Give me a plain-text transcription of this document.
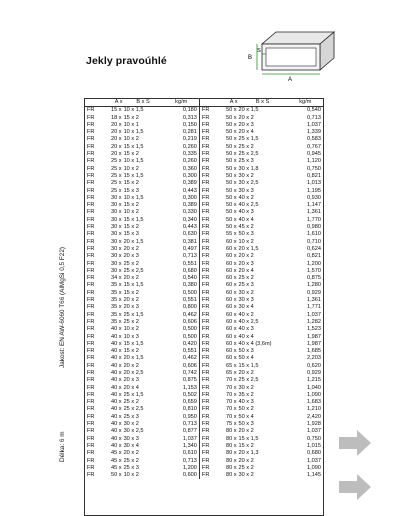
Jekly pravoúhlé
A
B
S
Jakost: EN AW-6060 T66 (AlMgSi 0,5 F22)
Délka: 6 m
	A x	B x S	kg/m		A x	B x S	kg/m
FR	15 x	10 x 1,5	0,180	FR	50 x	20 x 1,5	0,540
FR	18 x	15 x 2	0,313	FR	50 x	20 x 2	0,713
FR	20 x	10 x 1	0,150	FR	50 x	20 x 3	1,037
FR	20 x	10 x 1,5	0,281	FR	50 x	20 x 4	1,339
FR	20 x	10 x 2	0,219	FR	50 x	25 x 1,5	0,583
FR	20 x	15 x 1,5	0,260	FR	50 x	25 x 2	0,767
FR	20 x	15 x 2	0,335	FR	50 x	25 x 2,5	0,945
FR	25 x	10 x 1,5	0,260	FR	50 x	25 x 3	1,120
FR	25 x	10 x 2	0,360	FR	50 x	30 x 1,8	0,750
FR	25 x	15 x 1,5	0,300	FR	50 x	30 x 2	0,821
FR	25 x	15 x 2	0,389	FR	50 x	30 x 2,5	1,013
FR	25 x	15 x 3	0,443	FR	50 x	30 x 3	1,195
FR	30 x	10 x 1,5	0,300	FR	50 x	40 x 2	0,930
FR	30 x	15 x 2	0,389	FR	50 x	40 x 2,5	1,147
FR	30 x	10 x 2	0,330	FR	50 x	40 x 3	1,361
FR	30 x	15 x 1,5	0,340	FR	50 x	40 x 4	1,770
FR	30 x	15 x 2	0,443	FR	50 x	45 x 2	0,980
FR	30 x	15 x 3	0,630	FR	55 x	50 x 3	1,610
FR	30 x	20 x 1,5	0,381	FR	60 x	10 x 2	0,710
FR	30 x	20 x 2	0,497	FR	60 x	20 x 1,5	0,624
FR	30 x	20 x 3	0,713	FR	60 x	20 x 2	0,821
FR	30 x	25 x 2	0,551	FR	60 x	20 x 3	1,200
FR	30 x	25 x 2,5	0,680	FR	60 x	20 x 4	1,570
FR	34 x	20 x 2	0,540	FR	60 x	25 x 2	0,875
FR	35 x	15 x 1,5	0,380	FR	60 x	25 x 3	1,280
FR	35 x	15 x 2	0,500	FR	60 x	30 x 2	0,929
FR	35 x	20 x 2	0,551	FR	60 x	30 x 3	1,361
FR	35 x	20 x 3	0,800	FR	60 x	30 x 4	1,771
FR	35 x	25 x 1,5	0,462	FR	60 x	40 x 2	1,037
FR	35 x	25 x 2	0,606	FR	60 x	40 x 2,5	1,282
FR	40 x	10 x 2	0,500	FR	60 x	40 x 3	1,523
FR	40 x	10 x 3	0,500	FR	60 x	40 x 4	1,987
FR	40 x	15 x 1,5	0,420	FR	60 x	40 x 4 (3,6m)	1,987
FR	40 x	15 x 2	0,551	FR	60 x	50 x 3	1,685
FR	40 x	20 x 1,5	0,462	FR	60 x	50 x 4	2,203
FR	40 x	20 x 2	0,606	FR	65 x	15 x 1,5	0,620
FR	40 x	20 x 2,5	0,742	FR	65 x	20 x 2	0,929
FR	40 x	20 x 3	0,875	FR	70 x	25 x 2,5	1,215
FR	40 x	20 x 4	1,153	FR	70 x	30 x 2	1,040
FR	40 x	25 x 1,5	0,502	FR	70 x	35 x 2	1,090
FR	40 x	25 x 2	0,659	FR	70 x	40 x 3	1,683
FR	40 x	25 x 2,5	0,810	FR	70 x	50 x 2	1,210
FR	40 x	25 x 3	0,950	FR	70 x	50 x 4	2,420
FR	40 x	30 x 2	0,713	FR	75 x	50 x 3	1,928
FR	40 x	30 x 2,5	0,877	FR	80 x	20 x 2	1,037
FR	40 x	30 x 3	1,037	FR	80 x	15 x 1,5	0,750
FR	40 x	30 x 4	1,340	FR	80 x	15 x 2	1,015
FR	45 x	20 x 2	0,610	FR	80 x	20 x 1,3	0,680
FR	45 x	25 x 2	0,713	FR	80 x	20 x 2	1,037
FR	45 x	25 x 3	1,200	FR	80 x	25 x 2	1,090
FR	50 x	10 x 2	0,600	FR	80 x	30 x 2	1,145
